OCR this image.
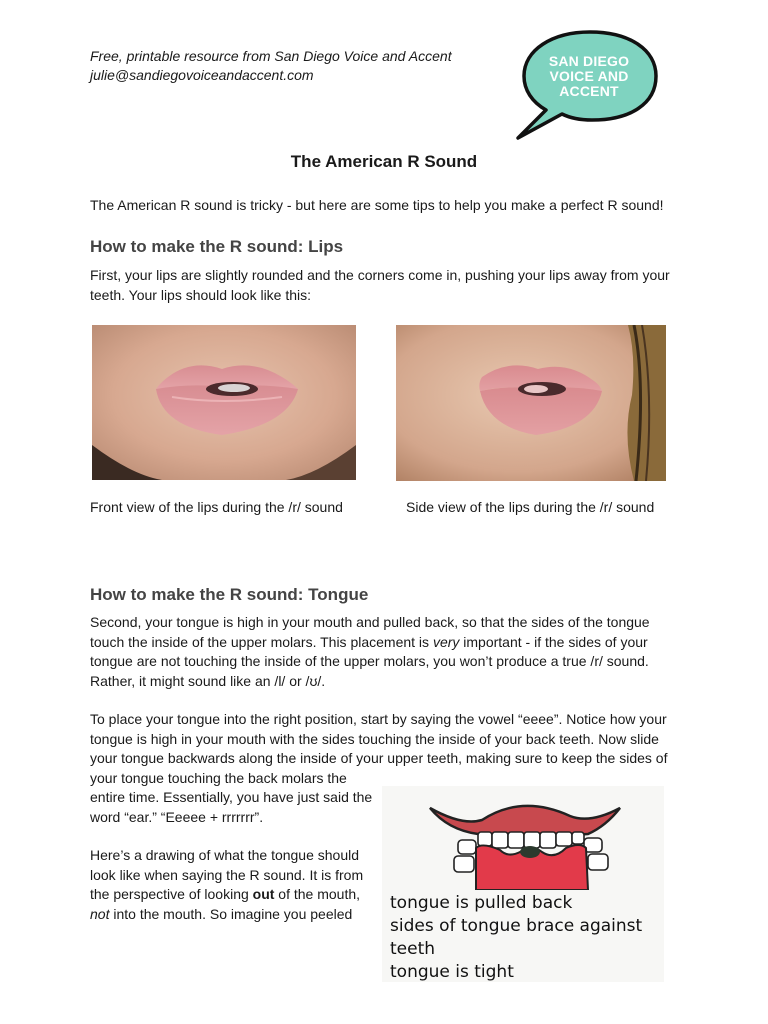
Free, printable resource from San Diego Voice and Accent
julie@sandiegovoiceandaccent.com
SAN DIEGO
VOICE AND
ACCENT
The American R Sound
The American R sound is tricky - but here are some tips to help you make a perfect R sound!
How to make the R sound: Lips
First, your lips are slightly rounded and the corners come in, pushing your lips away from your
teeth. Your lips should look like this:
Front view of the lips during the /r/ sound	Side view of the lips during the /r/ sound
How to make the R sound: Tongue
Second, your tongue is high in your mouth and pulled back, so that the sides of the tongue
touch the inside of the upper molars. This placement is very important - if the sides of your
tongue are not touching the inside of the upper molars, you won’t produce a true /r/ sound.
Rather, it might sound like an /l/ or /ʊ/.
To place your tongue into the right position, start by saying the vowel “eeee”. Notice how your
tongue is high in your mouth with the sides touching the inside of your back teeth. Now slide
your tongue backwards along the inside of your upper teeth, making sure to keep the sides of
your tongue touching the back molars the
entire time. Essentially, you have just said the
word “ear.” “Eeeee + rrrrrrr”.
Here’s a drawing of what the tongue should
look like when saying the R sound. It is from
the perspective of looking out of the mouth,
not into the mouth. So imagine you peeled
tongue is pulled back
sides of tongue brace against teeth
tongue is tight
